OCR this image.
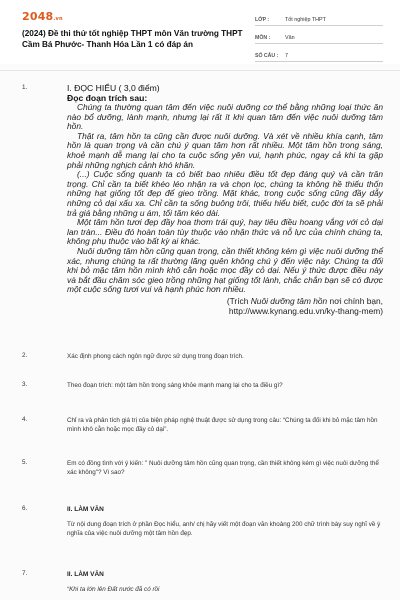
2048.vn
(2024) Đề thi thử tốt nghiệp THPT môn Văn trường THPT Cầm Bá Phước- Thanh Hóa Lần 1 có đáp án
LỚP :	Tốt nghiệp THPT
MÔN :	Văn
SỐ CÂU :	7
1.	I. ĐỌC HIỂU ( 3,0 điểm)
Đọc đoạn trích sau:

Chúng ta thường quan tâm đến việc nuôi dưỡng cơ thể bằng những loại thức ăn nào bổ dưỡng, lành mạnh, nhưng lại rất ít khi quan tâm đến việc nuôi dưỡng tâm hồn.

Thật ra, tâm hồn ta cũng cần được nuôi dưỡng. Và xét về nhiều khía cạnh, tâm hồn là quan trọng và cần chú ý quan tâm hơn rất nhiều. Một tâm hồn trong sáng, khoẻ mạnh dễ mang lại cho ta cuộc sống yên vui, hạnh phúc, ngay cả khi ta gặp phải những nghịch cảnh khó khăn.

(...) Cuộc sống quanh ta có biết bao nhiêu điều tốt đẹp đáng quý và cần trân trọng. Chỉ cần ta biết khéo léo nhận ra và chọn lọc, chúng ta không hề thiếu thốn những hạt giống tốt đẹp để gieo trồng. Mặt khác, trong cuộc sống cũng đầy dẫy những cỏ dại xấu xa. Chỉ cần ta sống buông trôi, thiếu hiểu biết, cuộc đời ta sẽ phải trả giá bằng những u ám, tối tăm kéo dài.

Một tâm hồn tươi đẹp đầy hoa thơm trái quý, hay tiêu điều hoang vắng với cỏ dại lan tràn... Điều đó hoàn toàn tùy thuộc vào nhận thức và nỗ lực của chính chúng ta, không phụ thuộc vào bất kỳ ai khác.

Nuôi dưỡng tâm hồn cũng quan trọng, cần thiết không kém gì việc nuôi dưỡng thể xác, nhưng chúng ta rất thường lãng quên không chú ý đến việc này. Chúng ta đối khi bỏ mặc tâm hồn mình khô cằn hoặc mọc đầy cỏ dại. Nếu ý thức được điều này và bắt đầu chăm sóc gieo trồng những hạt giống tốt lành, chắc chắn bạn sẽ có được một cuộc sống tươi vui và hạnh phúc hơn nhiều.

(Trích Nuôi dưỡng tâm hồn nơi chính bạn,
http://www.kynang.edu.vn/ky-thang-mem)
2.	Xác định phong cách ngôn ngữ được sử dụng trong đoạn trích.
3.	Theo đoạn trích: một tâm hồn trong sáng khỏe mạnh mang lại cho ta điều gì?
4.	Chỉ ra và phân tích giá trị của biện pháp nghệ thuật được sử dụng trong câu: “Chúng ta đối khi bỏ mặc tâm hồn mình khô cằn hoặc mọc đầy cỏ dại”.
5.	Em có đồng tình với ý kiến: " Nuôi dưỡng tâm hồn cũng quan trọng, cần thiết không kém gì việc nuôi dưỡng thể xác không"? Vì sao?
6.	II. LÀM VĂN
Từ nội dung đoạn trích ở phần Đọc hiểu, anh/ chị hãy viết một đoạn văn khoảng 200 chữ trình bày suy nghĩ về ý nghĩa của việc nuôi dưỡng một tâm hồn đẹp.
7.	II. LÀM VĂN
“Khi ta lớn lên Đất nước đã có rồi
